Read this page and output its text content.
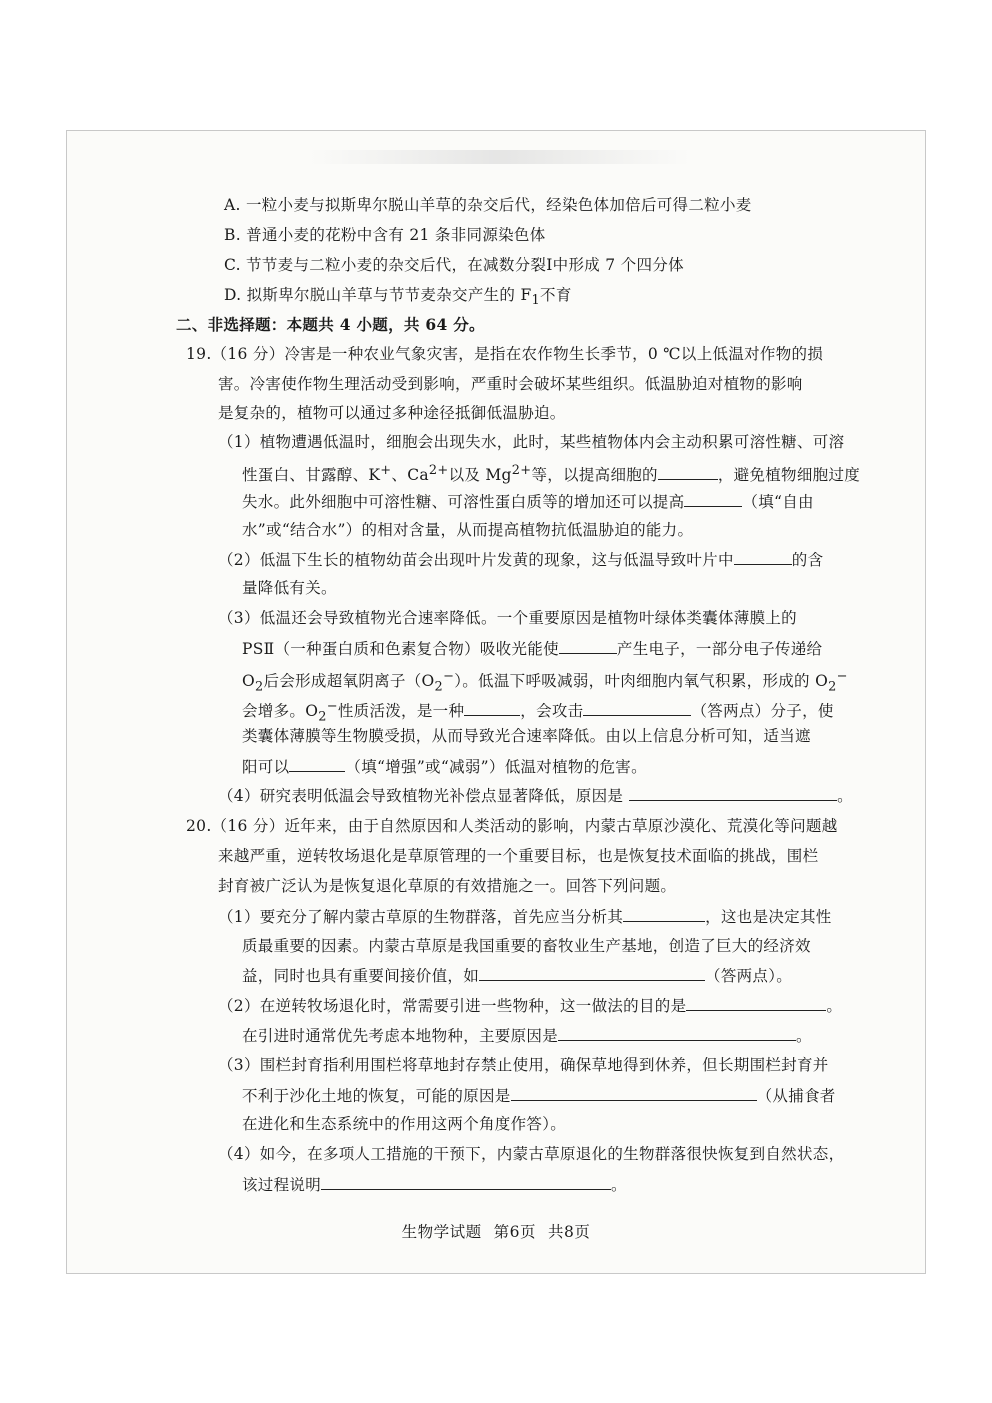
A. 一粒小麦与拟斯卑尔脱山羊草的杂交后代，经染色体加倍后可得二粒小麦
B. 普通小麦的花粉中含有 21 条非同源染色体
C. 节节麦与二粒小麦的杂交后代，在减数分裂Ⅰ中形成 7 个四分体
D. 拟斯卑尔脱山羊草与节节麦杂交产生的 $F_1$不育
二、非选择题：本题共 4 小题，共 64 分。
19.（16 分）冷害是一种农业气象灾害，是指在农作物生长季节，0 ℃以上低温对作物的损
害。冷害使作物生理活动受到影响，严重时会破坏某些组织。低温胁迫对植物的影响
是复杂的，植物可以通过多种途径抵御低温胁迫。
（1）植物遭遇低温时，细胞会出现失水，此时，某些植物体内会主动积累可溶性糖、可溶
性蛋白、甘露醇、K+、$Ca^{2+}$以及 $Mg^{2+}$等，以提高细胞的	，避免植物细胞过度
失水。此外细胞中可溶性糖、可溶性蛋白质等的增加还可以提高	（填“自由
水”或“结合水”）的相对含量，从而提高植物抗低温胁迫的能力。
（2）低温下生长的植物幼苗会出现叶片发黄的现象，这与低温导致叶片中	的含
量降低有关。
（3）低温还会导致植物光合速率降低。一个重要原因是植物叶绿体类囊体薄膜上的
PSⅡ（一种蛋白质和色素复合物）吸收光能使	产生电子，一部分电子传递给
$O_2$后会形成超氧阴离子$(O_2^-)$。低温下呼吸减弱，叶肉细胞内氧气积累，形成的 $O_2^-$
会增多。$O_2^-$性质活泼，是一种	，会攻击	（答两点）分子，使
类囊体薄膜等生物膜受损，从而导致光合速率降低。由以上信息分析可知，适当遮
阳可以	（填“增强”或“减弱”）低温对植物的危害。
（4）研究表明低温会导致植物光补偿点显著降低，原因是	。
20.（16 分）近年来，由于自然原因和人类活动的影响，内蒙古草原沙漠化、荒漠化等问题越
来越严重，逆转牧场退化是草原管理的一个重要目标，也是恢复技术面临的挑战，围栏
封育被广泛认为是恢复退化草原的有效措施之一。回答下列问题。
（1）要充分了解内蒙古草原的生物群落，首先应当分析其	，这也是决定其性
质最重要的因素。内蒙古草原是我国重要的畜牧业生产基地，创造了巨大的经济效
益，同时也具有重要间接价值，如	（答两点）。
（2）在逆转牧场退化时，常需要引进一些物种，这一做法的目的是	。
在引进时通常优先考虑本地物种，主要原因是	。
（3）围栏封育指利用围栏将草地封存禁止使用，确保草地得到休养，但长期围栏封育并
不利于沙化土地的恢复，可能的原因是	（从捕食者
在进化和生态系统中的作用这两个角度作答）。
（4）如今，在多项人工措施的干预下，内蒙古草原退化的生物群落很快恢复到自然状态，
该过程说明	。
生物学试题 第6页 共8页
